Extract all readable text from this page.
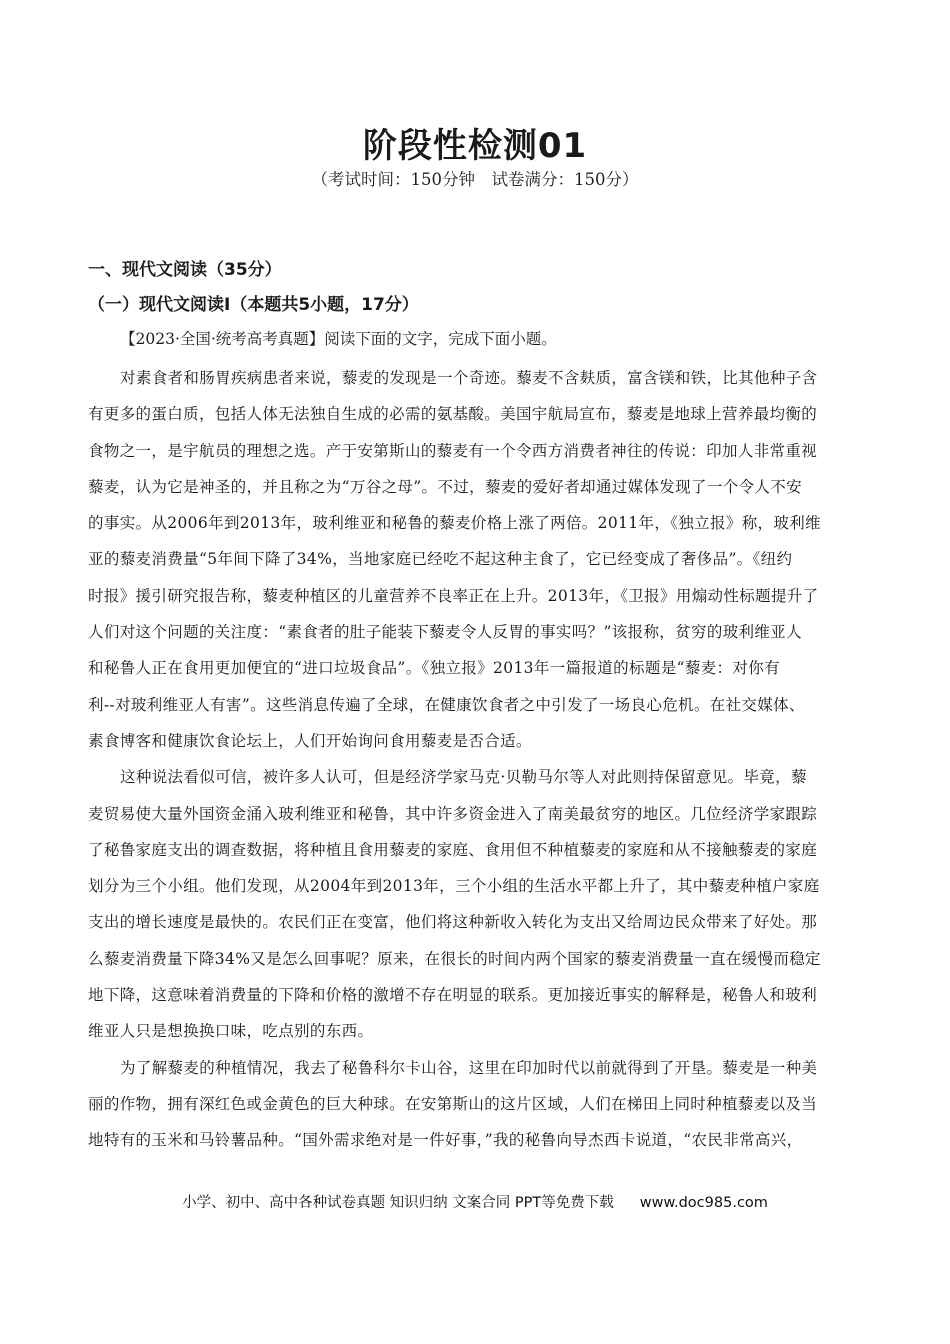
阶段性检测01
（考试时间：150分钟　试卷满分：150分）
一、现代文阅读（35分）
（一）现代文阅读Ⅰ（本题共5小题，17分）
【2023·全国·统考高考真题】阅读下面的文字，完成下面小题。
对素食者和肠胃疾病患者来说，藜麦的发现是一个奇迹。藜麦不含麸质，富含镁和铁，比其他种子含
有更多的蛋白质，包括人体无法独自生成的必需的氨基酸。美国宇航局宣布，藜麦是地球上营养最均衡的
食物之一，是宇航员的理想之选。产于安第斯山的藜麦有一个令西方消费者神往的传说：印加人非常重视
藜麦，认为它是神圣的，并且称之为“万谷之母”。不过，藜麦的爱好者却通过媒体发现了一个令人不安
的事实。从2006年到2013年，玻利维亚和秘鲁的藜麦价格上涨了两倍。2011年，《独立报》称，玻利维
亚的藜麦消费量“5年间下降了34%，当地家庭已经吃不起这种主食了，它已经变成了奢侈品”。《纽约
时报》援引研究报告称，藜麦种植区的儿童营养不良率正在上升。2013年，《卫报》用煽动性标题提升了
人们对这个问题的关注度：“素食者的肚子能装下藜麦令人反胃的事实吗？”该报称，贫穷的玻利维亚人
和秘鲁人正在食用更加便宜的“进口垃圾食品”。《独立报》2013年一篇报道的标题是“藜麦：对你有
利--对玻利维亚人有害”。这些消息传遍了全球，在健康饮食者之中引发了一场良心危机。在社交媒体、
素食博客和健康饮食论坛上，人们开始询问食用藜麦是否合适。
这种说法看似可信，被许多人认可，但是经济学家马克·贝勒马尔等人对此则持保留意见。毕竟，藜
麦贸易使大量外国资金涌入玻利维亚和秘鲁，其中许多资金进入了南美最贫穷的地区。几位经济学家跟踪
了秘鲁家庭支出的调查数据，将种植且食用藜麦的家庭、食用但不种植藜麦的家庭和从不接触藜麦的家庭
划分为三个小组。他们发现，从2004年到2013年，三个小组的生活水平都上升了，其中藜麦种植户家庭
支出的增长速度是最快的。农民们正在变富，他们将这种新收入转化为支出又给周边民众带来了好处。那
么藜麦消费量下降34%又是怎么回事呢？原来，在很长的时间内两个国家的藜麦消费量一直在缓慢而稳定
地下降，这意味着消费量的下降和价格的激增不存在明显的联系。更加接近事实的解释是，秘鲁人和玻利
维亚人只是想换换口味，吃点别的东西。
为了解藜麦的种植情况，我去了秘鲁科尔卡山谷，这里在印加时代以前就得到了开垦。藜麦是一种美
丽的作物，拥有深红色或金黄色的巨大种球。在安第斯山的这片区域，人们在梯田上同时种植藜麦以及当
地特有的玉米和马铃薯品种。“国外需求绝对是一件好事，”我的秘鲁向导杰西卡说道，“农民非常高兴，
小学、初中、高中各种试卷真题 知识归纳 文案合同 PPT等免费下载 www.doc985.com
